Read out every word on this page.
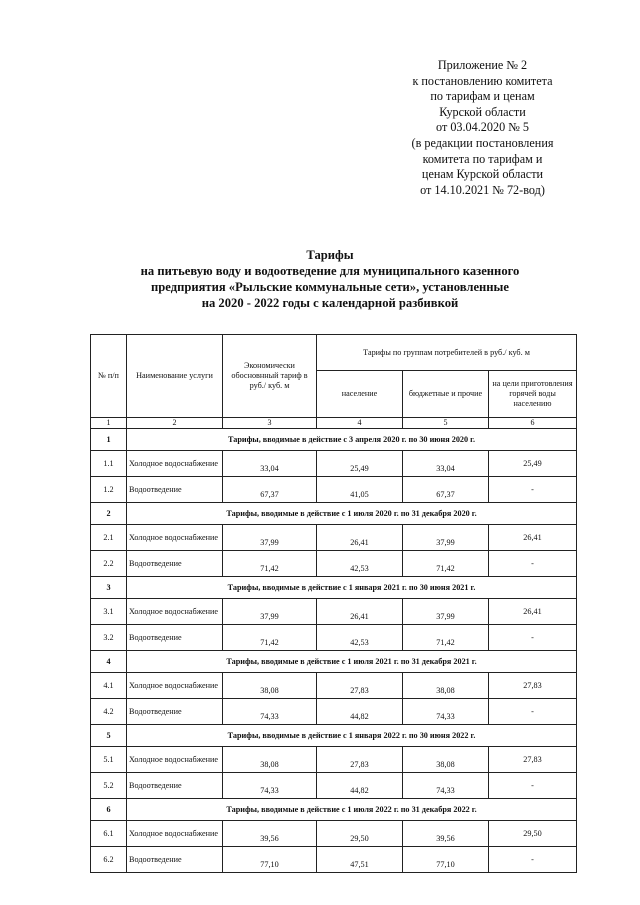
Приложение № 2
к постановлению комитета
по тарифам и ценам
Курской области
от 03.04.2020 № 5
(в редакции постановления
комитета по тарифам и
ценам Курской области
от 14.10.2021 № 72-вод)
Тарифы
на питьевую воду и водоотведение для муниципального казенного
предприятия «Рыльские коммунальные сети», установленные
на 2020 - 2022 годы с календарной разбивкой
№ п/п	Наименование услуги	Экономически обосновнный тариф в руб./ куб. м	Тарифы по группам потребителей в руб./ куб. м		
			население	бюджетные и прочие	на цели приготовления горячей воды населению
1	2	3	4	5	6
1	Тарифы, вводимые в действие с 3 апреля 2020 г. по 30 июня 2020 г.				
1.1	Холодное водоснабжение	33,04	25,49	33,04	25,49
1.2	Водоотведение	67,37	41,05	67,37	-
2	Тарифы, вводимые в действие с 1 июля 2020 г. по 31 декабря 2020 г.				
2.1	Холодное водоснабжение	37,99	26,41	37,99	26,41
2.2	Водоотведение	71,42	42,53	71,42	-
3	Тарифы, вводимые в действие с 1 января 2021 г. по 30 июня 2021 г.				
3.1	Холодное водоснабжение	37,99	26,41	37,99	26,41
3.2	Водоотведение	71,42	42,53	71,42	-
4	Тарифы, вводимые в действие с 1 июля 2021 г. по 31 декабря 2021 г.				
4.1	Холодное водоснабжение	38,08	27,83	38,08	27,83
4.2	Водоотведение	74,33	44,82	74,33	-
5	Тарифы, вводимые в действие с 1 января 2022 г. по 30 июня 2022 г.				
5.1	Холодное водоснабжение	38,08	27,83	38,08	27,83
5.2	Водоотведение	74,33	44,82	74,33	-
6	Тарифы, вводимые в действие с 1 июля 2022 г. по 31 декабря 2022 г.				
6.1	Холодное водоснабжение	39,56	29,50	39,56	29,50
6.2	Водоотведение	77,10	47,51	77,10	-
